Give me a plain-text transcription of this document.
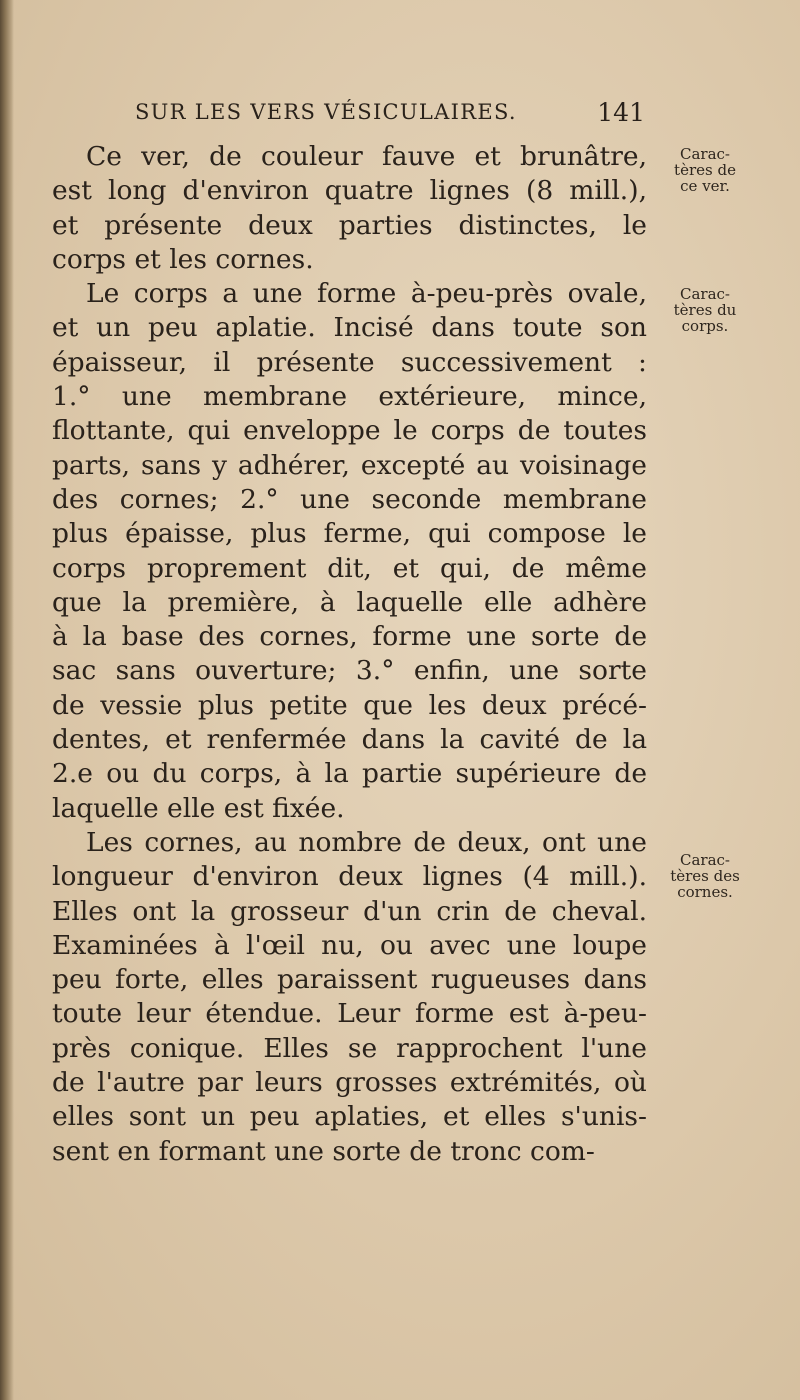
SUR LES VERS VÉSICULAIRES.	141
Ce ver, de couleur fauve et brunâtre,
est long d'environ quatre lignes (8 mill.),
et présente deux parties distinctes, le
corps et les cornes.
Le corps a une forme à-peu-près ovale,
et un peu aplatie. Incisé dans toute son
épaisseur, il présente successivement :
1.° une membrane extérieure, mince,
flottante, qui enveloppe le corps de toutes
parts, sans y adhérer, excepté au voisinage
des cornes; 2.° une seconde membrane
plus épaisse, plus ferme, qui compose le
corps proprement dit, et qui, de même
que la première, à laquelle elle adhère
à la base des cornes, forme une sorte de
sac sans ouverture; 3.° enfin, une sorte
de vessie plus petite que les deux précé-
dentes, et renfermée dans la cavité de la
2.e ou du corps, à la partie supérieure de
laquelle elle est fixée.
Les cornes, au nombre de deux, ont une
longueur d'environ deux lignes (4 mill.).
Elles ont la grosseur d'un crin de cheval.
Examinées à l'œil nu, ou avec une loupe
peu forte, elles paraissent rugueuses dans
toute leur étendue. Leur forme est à-peu-
près conique. Elles se rapprochent l'une
de l'autre par leurs grosses extrémités, où
elles sont un peu aplaties, et elles s'unis-
sent en formant une sorte de tronc com-
Carac-
tères de
ce ver.
Carac-
tères du
corps.
Carac-
tères des
cornes.
